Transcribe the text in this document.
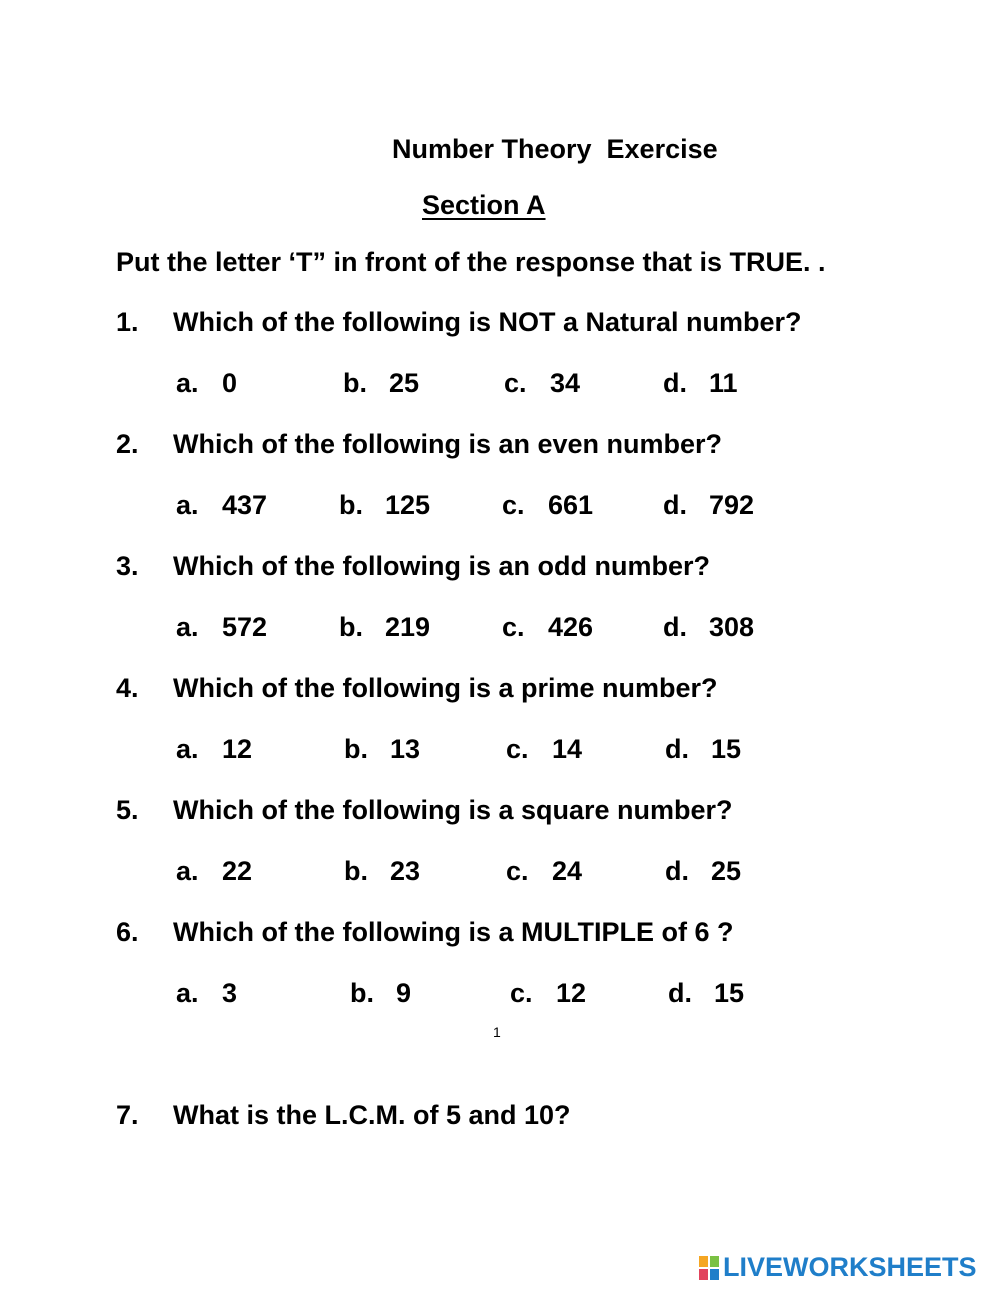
Number Theory  Exercise
Section A
Put the letter ‘T” in front of the response that is TRUE. .
1. Which of the following is NOT a Natural number?
a. 0	b. 25	c. 34	d. 11
2. Which of the following is an even number?
a. 437	b. 125	c. 661	d. 792
3. Which of the following is an odd number?
a. 572	b. 219	c. 426	d. 308
4. Which of the following is a prime number?
a. 12	b. 13	c. 14	d. 15
5. Which of the following is a square number?
a. 22	b. 23	c. 24	d. 25
6. Which of the following is a MULTIPLE of 6 ?
a. 3	b. 9	c. 12	d. 15
1
7. What is the L.C.M. of 5 and 10?
LIVEWORKSHEETS
